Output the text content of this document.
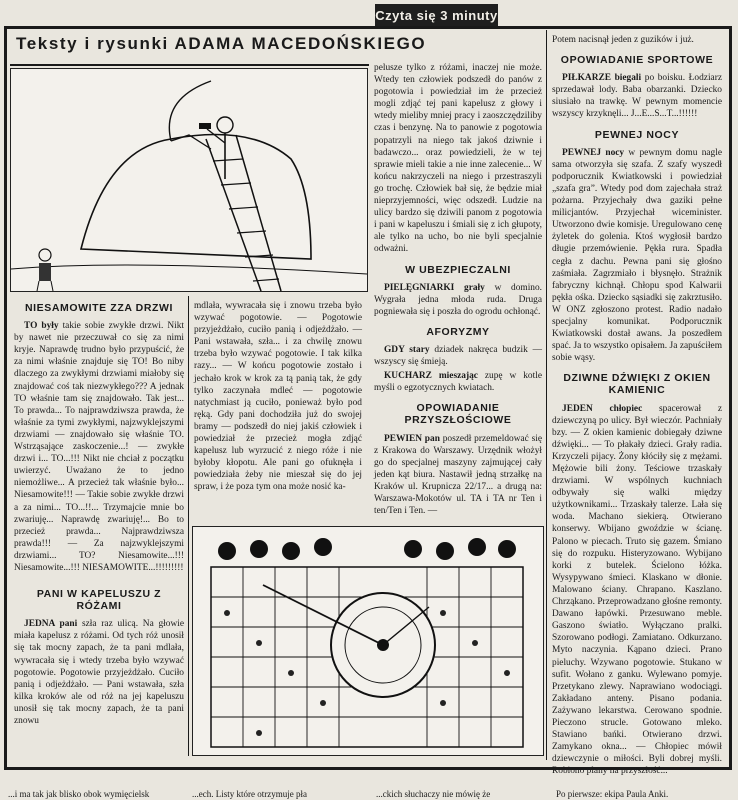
Czyta się 3 minuty
Teksty i rysunki ADAMA MACEDOŃSKIEGO
NIESAMOWITE ZZA DRZWI

TO były takie sobie zwykłe drzwi. Nikt by nawet nie przeczuwał co się za nimi kryje. Naprawdę trudno było przypuścić, że za nimi właśnie znajduje się TO! Bo niby dlaczego za zwykłymi drzwiami miałoby się znajdować coś tak niezwykłego??? A jednak TO właśnie tam się znajdowało. Tak jest... To prawda... To najprawdziwsza prawda, że właśnie za tymi zwykłymi, najzwyklejszymi drzwiami — znajdowało się właśnie TO. Wstrząsające zaskoczenie...! — zwykłe drzwi i... TO...!!! Nikt nie chciał z początku uwierzyć. Uważano że to jedno niemożliwe... A przecież tak właśnie było... Niesamowite!!! — Takie sobie zwykłe drzwi a za nimi... TO...!!... Trzymajcie mnie bo zwariuję... Naprawdę zwariuję!... Bo to przecież prawda... Najprawdziwsza prawda!!! — Za najzwyklejszymi drzwiami... TO? Niesamowite...!!! Niesamowite...!!! NIESAMOWITE...!!!!!!!!!

PANI W KAPELUSZU Z RÓŻAMI

JEDNA pani szła raz ulicą. Na głowie miała kapelusz z różami. Od tych róż unosił się tak mocny zapach, że ta pani mdlała, wywracała się i wtedy trzeba było wzywać pogotowie. Pogotowie przyjeżdżało. Cuciło panią i odjeżdżało. — Pani wstawała, szła kilka kroków ale od róż na jej kapeluszu unosił się tak mocny zapach, że ta pani znowu

mdlała, wywracała się i znowu trzeba było wzywać pogotowie. — Pogotowie przyjeżdżało, cuciło panią i odjeżdżało. — Pani wstawała, szła... i za chwilę znowu trzeba było wzywać pogotowie. I tak kilka razy... — W końcu pogotowie zostało i jechało krok w krok za tą panią tak, że gdy tylko zaczynała mdleć — pogotowie natychmiast ją cuciło, ponieważ było pod ręką. Gdy pani dochodziła już do swojej bramy — podszedł do niej jakiś człowiek i powiedział że przecież mogła zdjąć kapelusz lub wyrzucić z niego róże i nie byłoby kłopotu. Ale pani go ofuknęła i powiedziała żeby nie mieszał się do jej spraw, i że poza tym ona może nosić ka-

pelusze tylko z różami, inaczej nie może. Wtedy ten człowiek podszedł do panów z pogotowia i powiedział im że przecież mogli zdjąć tej pani kapelusz z głowy i wtedy mieliby mniej pracy i zaoszczędziliby czas i benzynę. Na to panowie z pogotowia popatrzyli na niego tak jakoś dziwnie i badawczo... oraz powiedzieli, że w tej sprawie mieli takie a nie inne zalecenie... W końcu nakrzyczeli na niego i przestraszyli go trochę. Człowiek bał się, że będzie miał nieprzyjemności, więc odszedł. Ludzie na ulicy bardzo się dziwili panom z pogotowia i pani w kapeluszu i śmiali się z ich głupoty, ale tylko na ucho, bo nie byli specjalnie odważni.

W UBEZPIECZALNI

PIELĘGNIARKI grały w domino. Wygrała jedna młoda ruda. Druga pogniewała się i poszła do ogrodu ochłonąć.

AFORYZMY

GDY stary dziadek nakręca budzik — wszyscy się śmieją.

KUCHARZ mieszając zupę w kotle myśli o egzotycznych kwiatach.

OPOWIADANIE PRZYSZŁOŚCIOWE

PEWIEN pan poszedł przemeldować się z Krakowa do Warszawy. Urzędnik włożył go do specjalnej maszyny zajmującej cały jeden kąt biura. Nastawił jedną strzałkę na Kraków ul. Krupnicza 22/17... a drugą na: Warszawa-Mokotów ul. TA i TA nr Ten i ten/Ten i Ten. —

Potem nacisnął jeden z guzików i już.

OPOWIADANIE SPORTOWE

PIŁKARZE biegali po boisku. Łodziarz sprzedawał lody. Baba obarzanki. Dziecko siusiało na trawkę. W pewnym momencie wszyscy krzyknęli... J...E...S...T...!!!!!!

PEWNEJ NOCY

PEWNEJ nocy w pewnym domu nagle sama otworzyła się szafa. Z szafy wyszedł podporucznik Kwiatkowski i powiedział „szafa gra”. Wtedy pod dom zajechała straż pożarna. Przyjechały dwa gaziki pełne milicjantów. Przyjechał wiceminister. Utworzono dwie komisje. Uregulowano cenę żyletek do golenia. Ktoś wygłosił bardzo długie przemówienie. Pękła rura. Spadła cegła z dachu. Pewna pani się głośno zaśmiała. Zagrzmiało i błysnęło. Strażnik fabryczny kichnął. Chłopu spod Kalwarii pękła ośka. Dziecko sąsiadki się zakrztusiło. W ONZ zgłoszono protest. Radio nadało specjalny komunikat. Podporucznik Kwiatkowski dostał awans. Ja poszedłem spać. Ja to wszystko opisałem. Ja zapuściłem sobie wąsy.

DZIWNE DŹWIĘKI Z OKIEN KAMIENIC

JEDEN chłopiec spacerował z dziewczyną po ulicy. Był wieczór. Pachniały bzy. — Z okien kamienic dobiegały dziwne dźwięki... — To płakały dzieci. Grały radia. Krzyczeli pijacy. Żony kłóciły się z mężami. Mężowie bili żony. Teściowe trzaskały drzwiami. W wspólnych kuchniach odbywały się walki między użytkownikami... Trzaskały talerze. Lała się woda. Machano siekierą. Otwierano konserwy. Wbijano gwoździe w ścianę. Palono w piecach. Truto się gazem. Śmiano się do rozpuku. Histeryzowano. Wybijano korki z butelek. Ścielono łóżka. Wysypywano śmieci. Klaskano w dłonie. Malowano ściany. Chrapano. Kaszlano. Chrząkano. Przeprowadzano głośne remonty. Dawano łapówki. Przesuwano meble. Gaszono światło. Wyłączano pralki. Szorowano podłogi. Zamiatano. Odkurzano. Myto naczynia. Kąpano dzieci. Prano pieluchy. Wzywano pogotowie. Stukano w sufit. Wołano z ganku. Wylewano pomyje. Przetykano zlewy. Naprawiano wodociągi. Zakładano anteny. Pisano podania. Zażywano lekarstwa. Cerowano spodnie. Pieczono strucle. Gotowano mleko. Stawiano bańki. Otwierano drzwi. Zamykano okna... — Chłopiec mówił dziewczynie o miłości. Byli dobrej myśli. Robiono plany na przyszłość...

...i ma tak jak blisko obok wymięcielsk	...ech. Listy które otrzymuje pła	...ckich słuchaczy nie mówię że	Po pierwsze: ekipa Paula Anki.
